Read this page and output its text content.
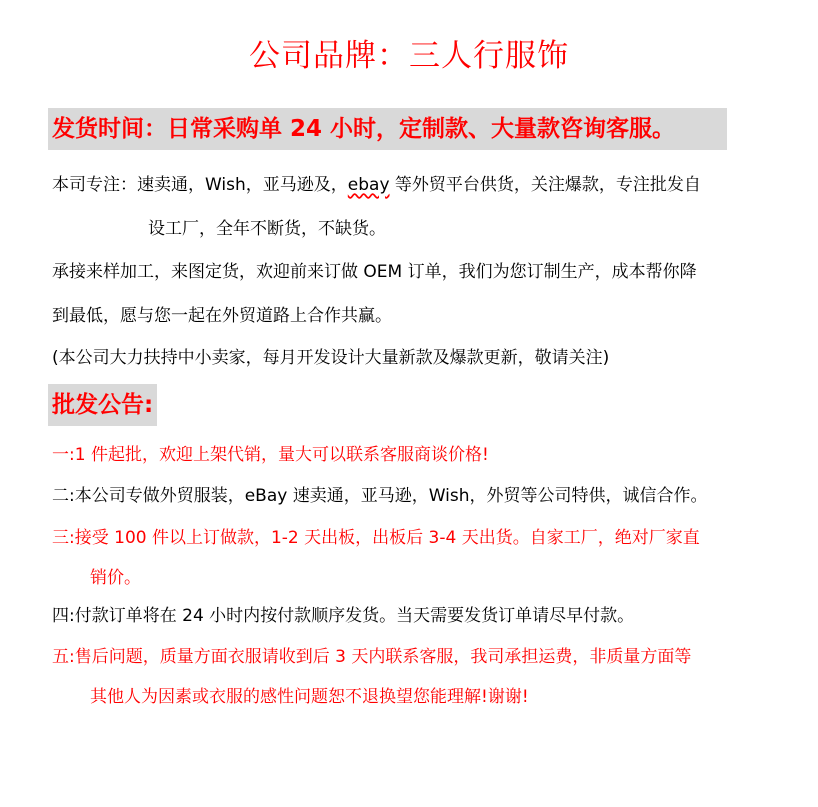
公司品牌：三人行服饰
发货时间：日常采购单 24 小时，定制款、大量款咨询客服。
本司专注：速卖通，Wish，亚马逊及，ebay 等外贸平台供货，关注爆款，专注批发自
设工厂，全年不断货，不缺货。
承接来样加工，来图定货，欢迎前来订做 OEM 订单，我们为您订制生产，成本帮你降
到最低，愿与您一起在外贸道路上合作共赢。
(本公司大力扶持中小卖家，每月开发设计大量新款及爆款更新，敬请关注)
批发公告:
一:1 件起批，欢迎上架代销，量大可以联系客服商谈价格!
二:本公司专做外贸服装，eBay 速卖通，亚马逊，Wish，外贸等公司特供，诚信合作。
三:接受 100 件以上订做款，1-2 天出板，出板后 3-4 天出货。自家工厂，绝对厂家直
销价。
四:付款订单将在 24 小时内按付款顺序发货。当天需要发货订单请尽早付款。
五:售后问题，质量方面衣服请收到后 3 天内联系客服，我司承担运费，非质量方面等
其他人为因素或衣服的感性问题恕不退换望您能理解!谢谢!
